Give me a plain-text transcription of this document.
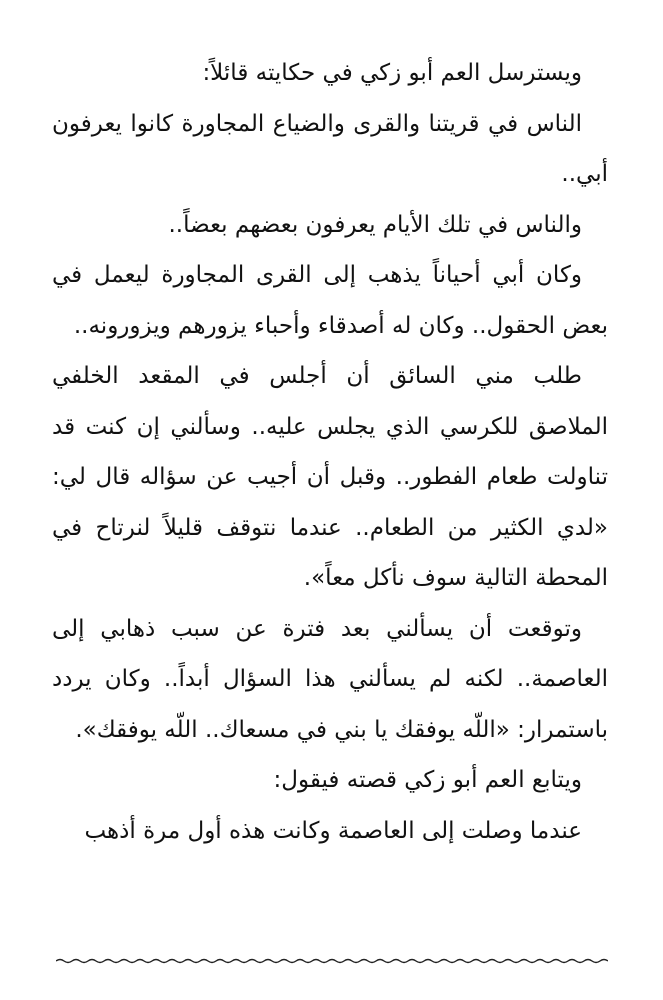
ويسترسل العم أبو زكي في حكايته قائلاً:

الناس في قريتنا والقرى والضياع المجاورة كانوا يعرفون أبي..

والناس في تلك الأيام يعرفون بعضهم بعضاً..

وكان أبي أحياناً يذهب إلى القرى المجاورة ليعمل في بعض الحقول.. وكان له أصدقاء وأحباء يزورهم ويزورونه..

طلب مني السائق أن أجلس في المقعد الخلفي الملاصق للكرسي الذي يجلس عليه.. وسألني إن كنت قد تناولت طعام الفطور.. وقبل أن أجيب عن سؤاله قال لي: «لدي الكثير من الطعام.. عندما نتوقف قليلاً لنرتاح في المحطة التالية سوف نأكل معاً».

وتوقعت أن يسألني بعد فترة عن سبب ذهابي إلى العاصمة.. لكنه لم يسألني هذا السؤال أبداً.. وكان يردد باستمرار: «اللّه يوفقك يا بني في مسعاك.. اللّه يوفقك».

ويتابع العم أبو زكي قصته فيقول:

عندما وصلت إلى العاصمة وكانت هذه أول مرة أذهب
